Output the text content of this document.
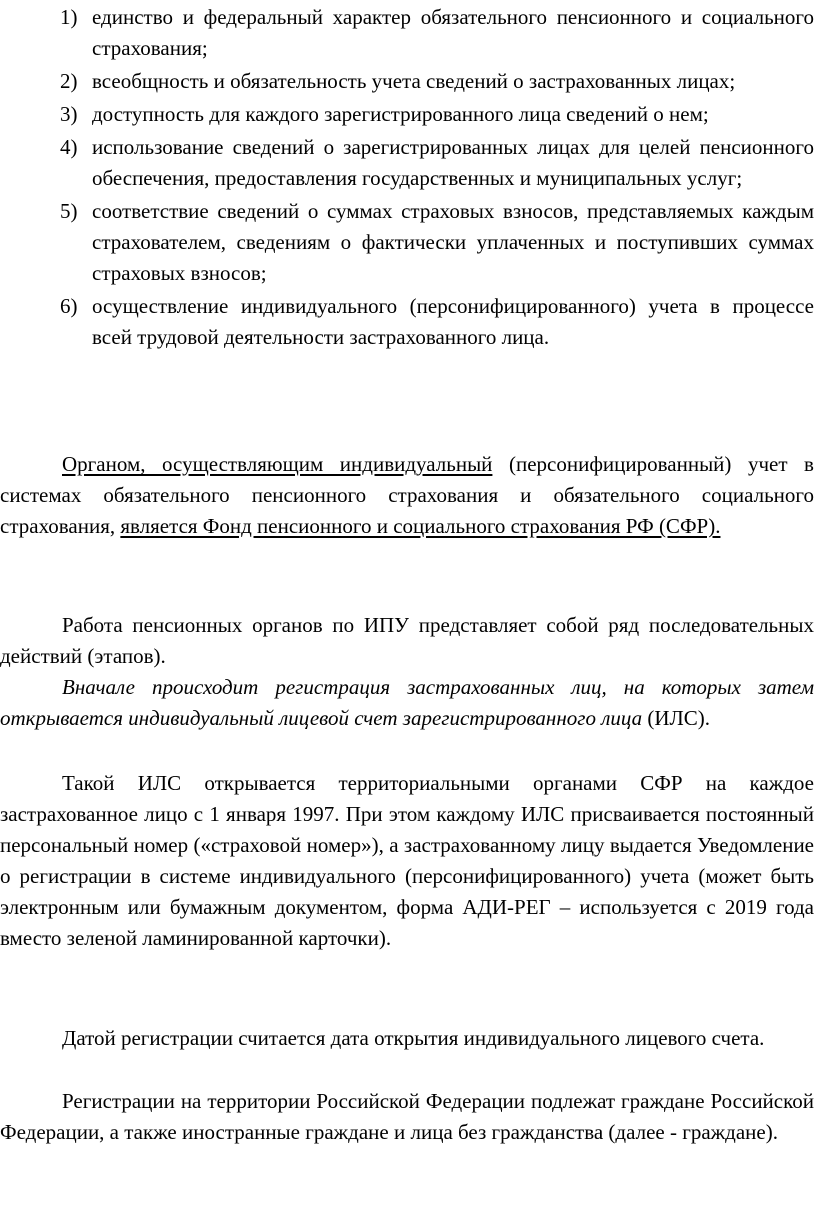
1) единство и федеральный характер обязательного пенсионного и социального страхования;
2) всеобщность и обязательность учета сведений о застрахованных лицах;
3) доступность для каждого зарегистрированного лица сведений о нем;
4) использование сведений о зарегистрированных лицах для целей пенсионного обеспечения, предоставления государственных и муниципальных услуг;
5) соответствие сведений о суммах страховых взносов, представляемых каждым страхователем, сведениям о фактически уплаченных и поступивших суммах страховых взносов;
6) осуществление индивидуального (персонифицированного) учета в процессе всей трудовой деятельности застрахованного лица.

Органом, осуществляющим индивидуальный (персонифицированный) учет в системах обязательного пенсионного страхования и обязательного социального страхования, является Фонд пенсионного и социального страхования РФ (СФР).

Работа пенсионных органов по ИПУ представляет собой ряд последовательных действий (этапов).

Вначале происходит регистрация застрахованных лиц, на которых затем открывается индивидуальный лицевой счет зарегистрированного лица (ИЛС).

Такой ИЛС открывается территориальными органами СФР на каждое застрахованное лицо с 1 января 1997. При этом каждому ИЛС присваивается постоянный персональный номер («страховой номер»), а застрахованному лицу выдается Уведомление о регистрации в системе индивидуального (персонифицированного) учета (может быть электронным или бумажным документом, форма АДИ-РЕГ – используется с 2019 года вместо зеленой ламинированной карточки).

Датой регистрации считается дата открытия индивидуального лицевого счета.

Регистрации на территории Российской Федерации подлежат граждане Российской Федерации, а также иностранные граждане и лица без гражданства (далее - граждане).
